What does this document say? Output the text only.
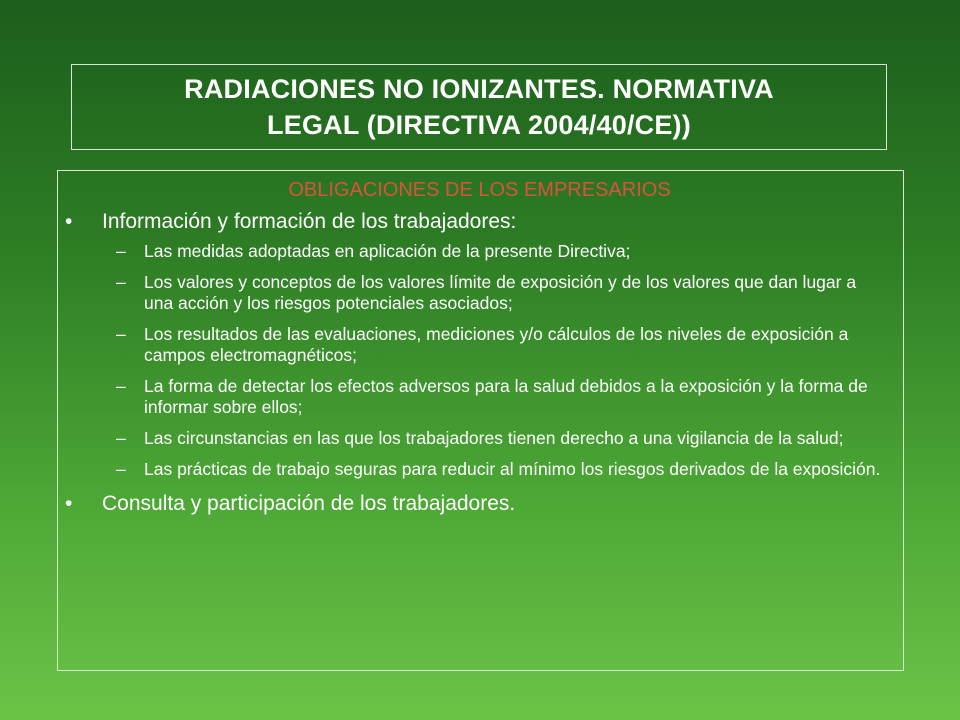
RADIACIONES NO IONIZANTES. NORMATIVA
LEGAL (DIRECTIVA 2004/40/CE))
OBLIGACIONES DE LOS EMPRESARIOS
•	Información y formación de los trabajadores:
–	Las medidas adoptadas en aplicación de la presente Directiva;
–	Los valores y conceptos de los valores límite de exposición y de los valores que dan lugar a una acción y los riesgos potenciales asociados;
–	Los resultados de las evaluaciones, mediciones y/o cálculos de los niveles de exposición a campos electromagnéticos;
–	La forma de detectar los efectos adversos para la salud debidos a la exposición y la forma de informar sobre ellos;
–	Las circunstancias en las que los trabajadores tienen derecho a una vigilancia de la salud;
–	Las prácticas de trabajo seguras para reducir al mínimo los riesgos derivados de la exposición.
•	Consulta y participación de los trabajadores.
